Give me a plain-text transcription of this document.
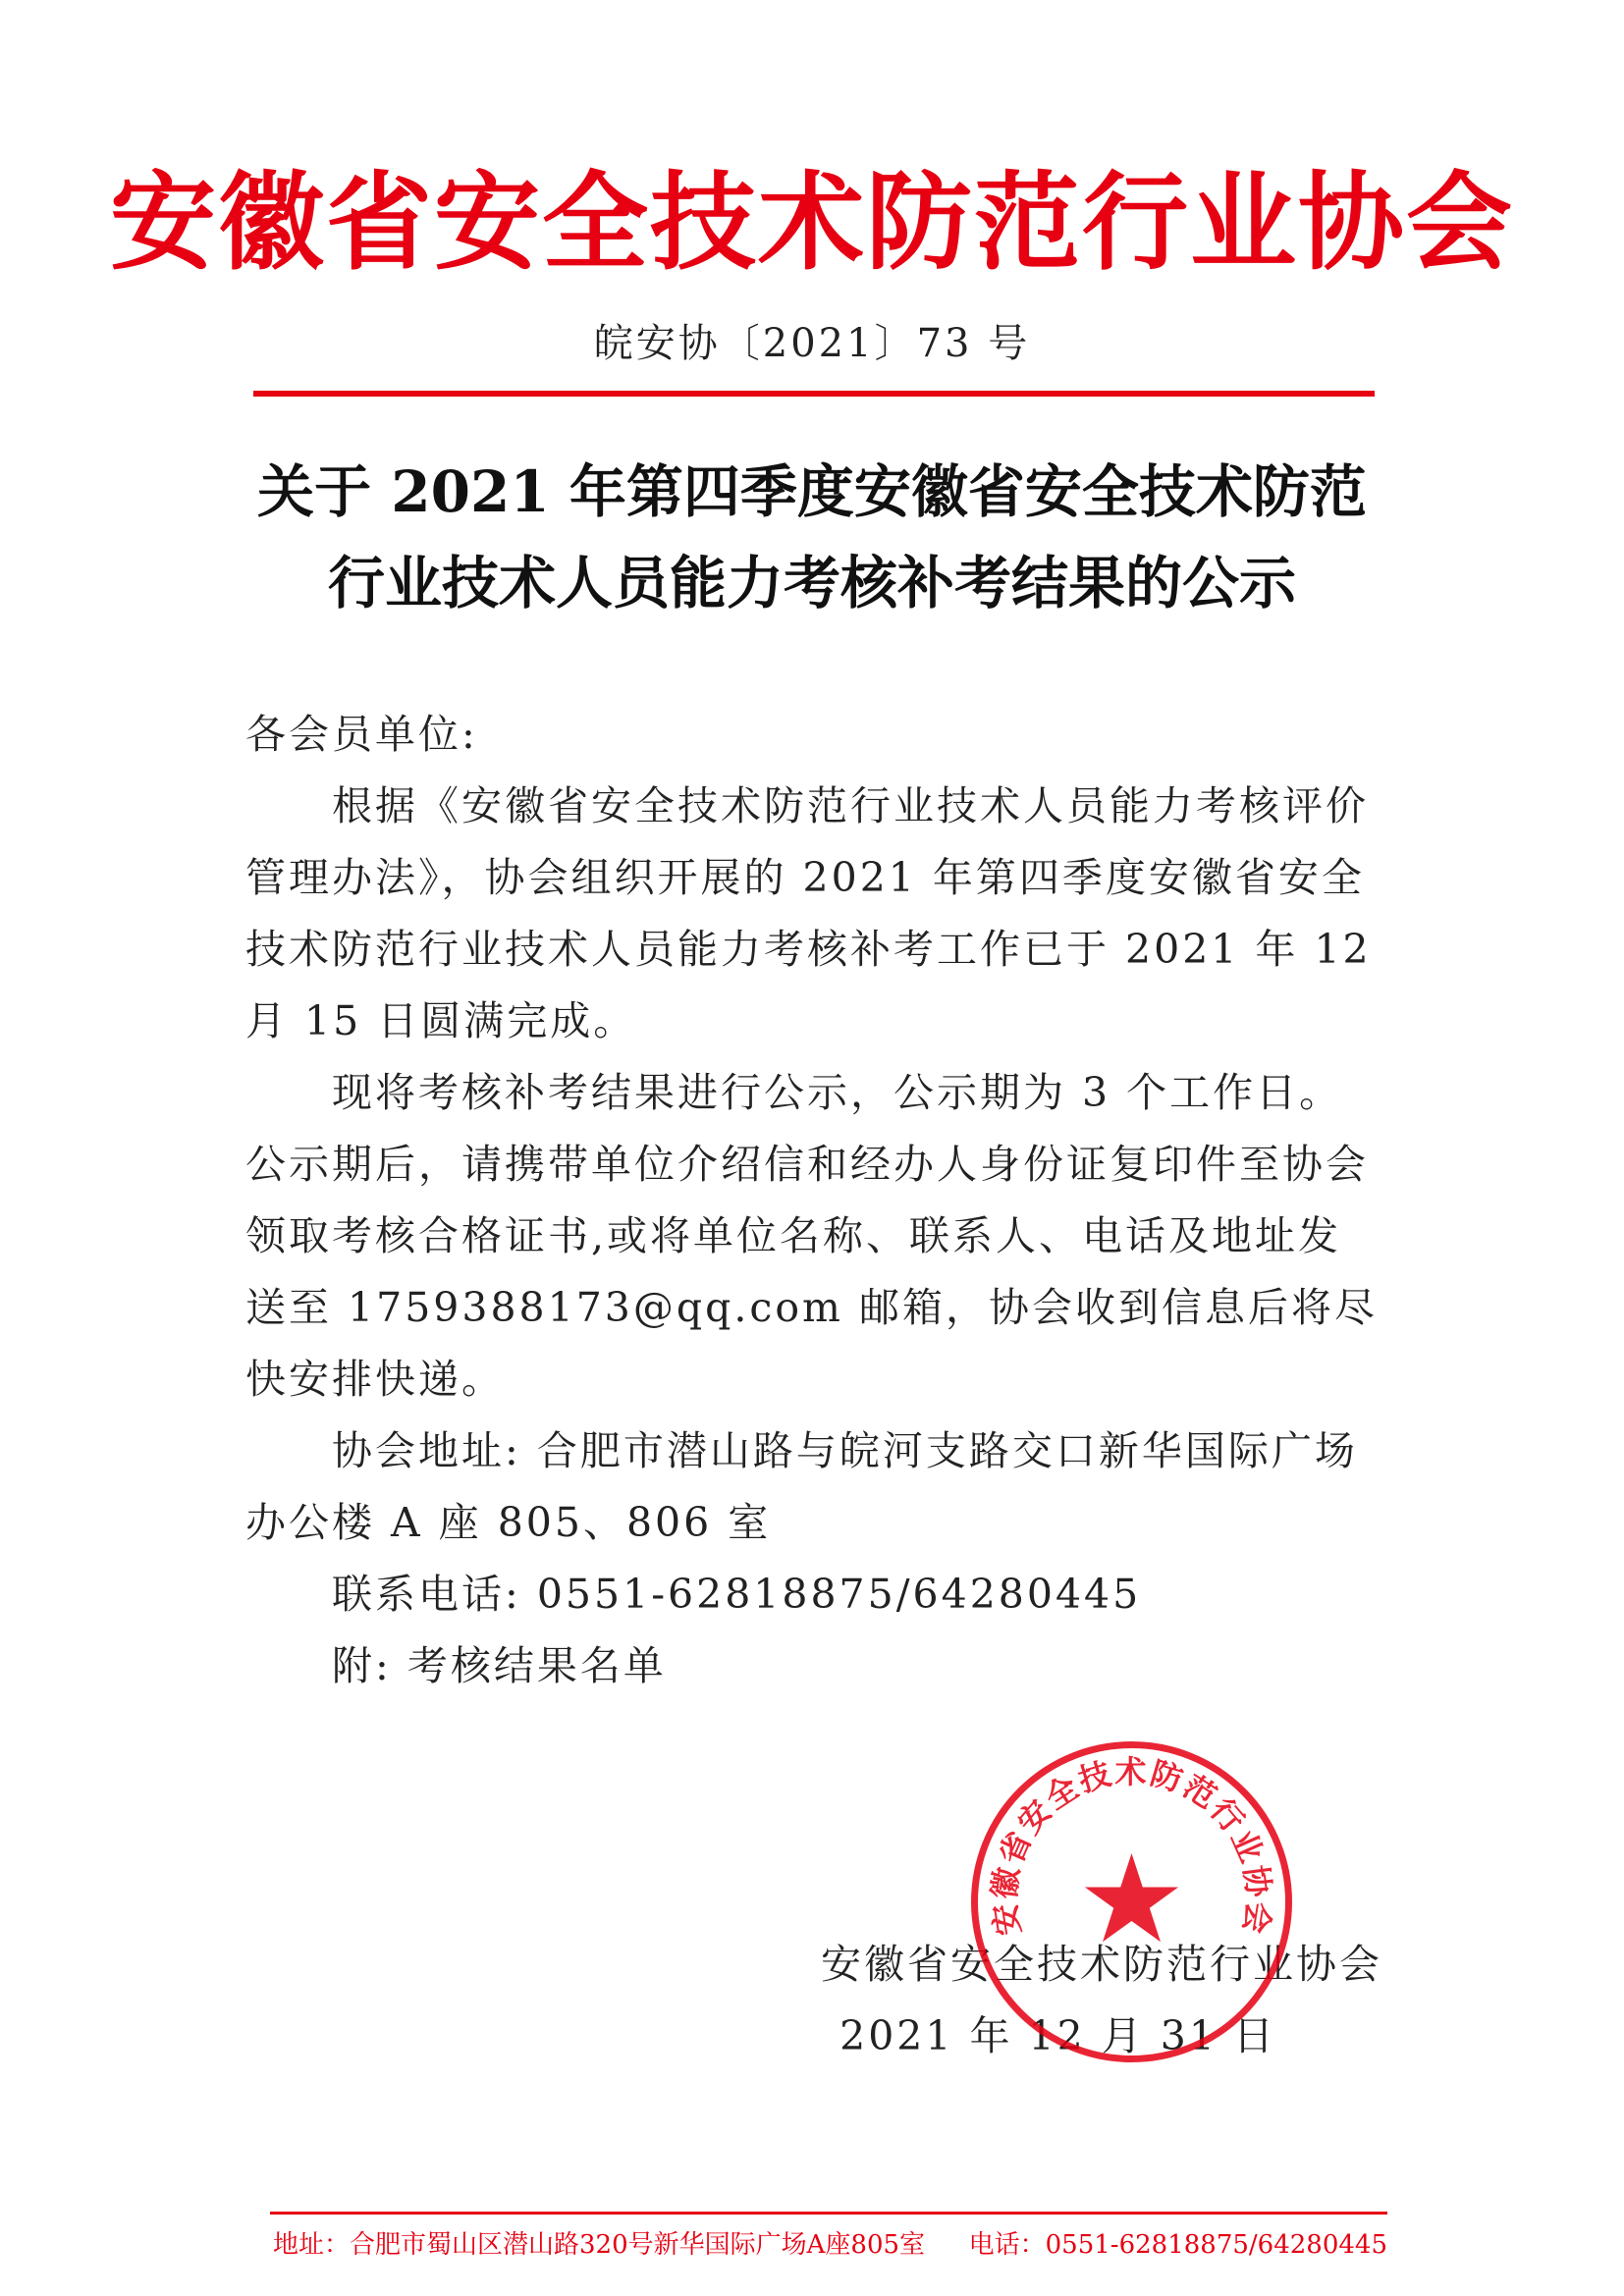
安徽省安全技术防范行业协会
皖安协〔2021〕73 号
关于 2021 年第四季度安徽省安全技术防范
行业技术人员能力考核补考结果的公示

各会员单位:

根据《安徽省安全技术防范行业技术人员能力考核评价管理办法》，协会组织开展的 2021 年第四季度安徽省安全技术防范行业技术人员能力考核补考工作已于 2021 年 12 月 15 日圆满完成。

现将考核补考结果进行公示，公示期为 3 个工作日。公示期后，请携带单位介绍信和经办人身份证复印件至协会领取考核合格证书,或将单位名称、联系人、电话及地址发送至 1759388173@qq.com 邮箱，协会收到信息后将尽快安排快递。

协会地址: 合肥市潜山路与皖河支路交口新华国际广场办公楼 A 座 805、806 室

联系电话: 0551-62818875/64280445

附: 考核结果名单

安徽省安全技术防范行业协会
2021 年 12 月 31 日
安徽省安全技术防范行业协会
地址：合肥市蜀山区潜山路320号新华国际广场A座805室 电话：0551-62818875/64280445
